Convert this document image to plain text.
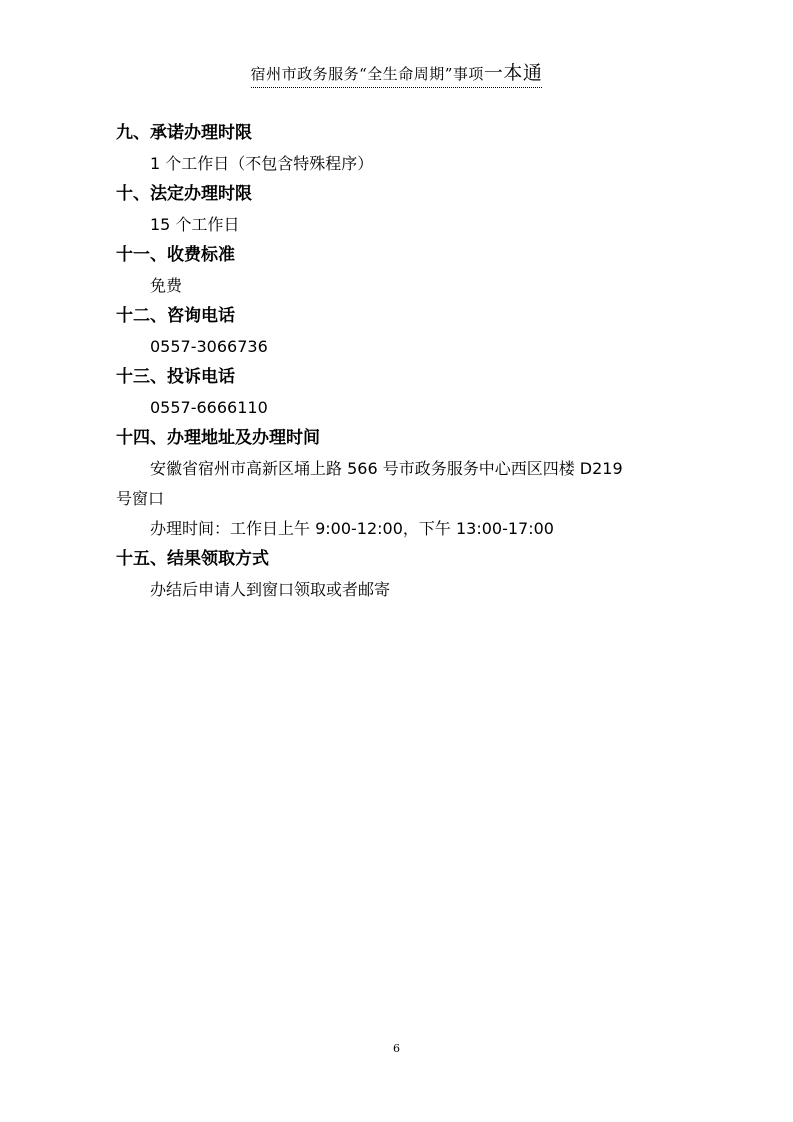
宿州市政务服务“全生命周期”事项一本通
九、承诺办理时限
1 个工作日（不包含特殊程序）
十、法定办理时限
15 个工作日
十一、收费标准
免费
十二、咨询电话
0557-3066736
十三、投诉电话
0557-6666110
十四、办理地址及办理时间
安徽省宿州市高新区埇上路 566 号市政务服务中心西区四楼 D219
号窗口
办理时间：工作日上午 9:00-12:00，下午 13:00-17:00
十五、结果领取方式
办结后申请人到窗口领取或者邮寄
6
